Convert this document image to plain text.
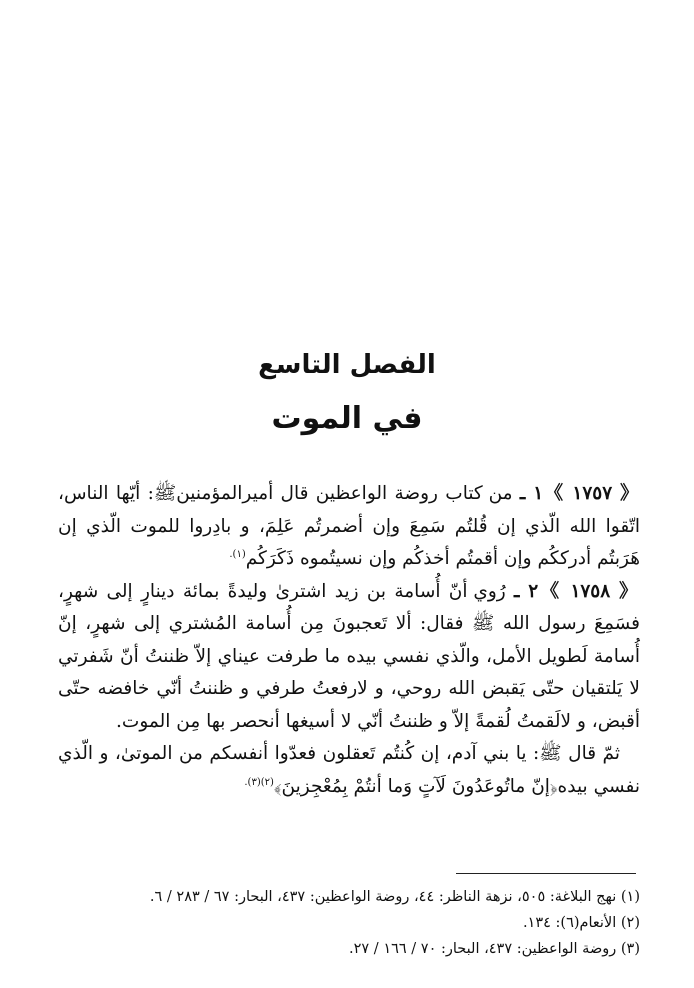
الفصل التاسع
في الموت

《 ١٧٥٧ 》١ ـ من كتاب روضة الواعظين قال أميرالمؤمنينﷺ: أيّها الناس، اتّقوا الله الّذي إن قُلتُم سَمِعَ وإن أضمرتُم عَلِمَ، و بادِروا للموت الّذي إن هَرَبتُم أدرككُم وإن أقمتُم أخذكُم وإن نسيتُموه ذَكَرَكُم$^{(١).}$

《 ١٧٥٨ 》٢ ـ رُوي أنّ أُسامة بن زيد اشترىٰ وليدةً بمائة دينارٍ إلى شهرٍ، فسَمِعَ رسول الله ﷺ فقال: ألا تَعجبونَ مِن أُسامة المُشتري إلى شهرٍ، إنّ أُسامة لَطويل الأمل، والّذي نفسي بيده ما طرفت عيناي إلاّ ظننتُ أنّ شَفرتي لا يَلتقيان حتّى يَقبض الله روحي، و لارفعتُ طرفي و ظننتُ أنّي خافضه حتّى أقبض، و لالَقمتُ لُقمةً إلاّ و ظننتُ أنّي لا أسيغها أنحصر بها مِن الموت.

ثمّ قال ﷺ: يا بني آدم، إن كُنتُم تَعقلون فعدّوا أنفسكم من الموتىٰ، و الّذي نفسي بيده﴿إنّ ماتُوعَدُونَ لَآتٍ وَما أنتُمْ بِمُعْجِزينَ﴾$^{(٢)(٣).}$

(١) نهج البلاغة: ٥٠٥، نزهة الناظر: ٤٤، روضة الواعظين: ٤٣٧، البحار: ٦٧ / ٢٨٣ / ٦.
(٢) الأنعام(٦): ١٣٤.
(٣) روضة الواعظين: ٤٣٧، البحار: ٧٠ / ١٦٦ / ٢٧.
